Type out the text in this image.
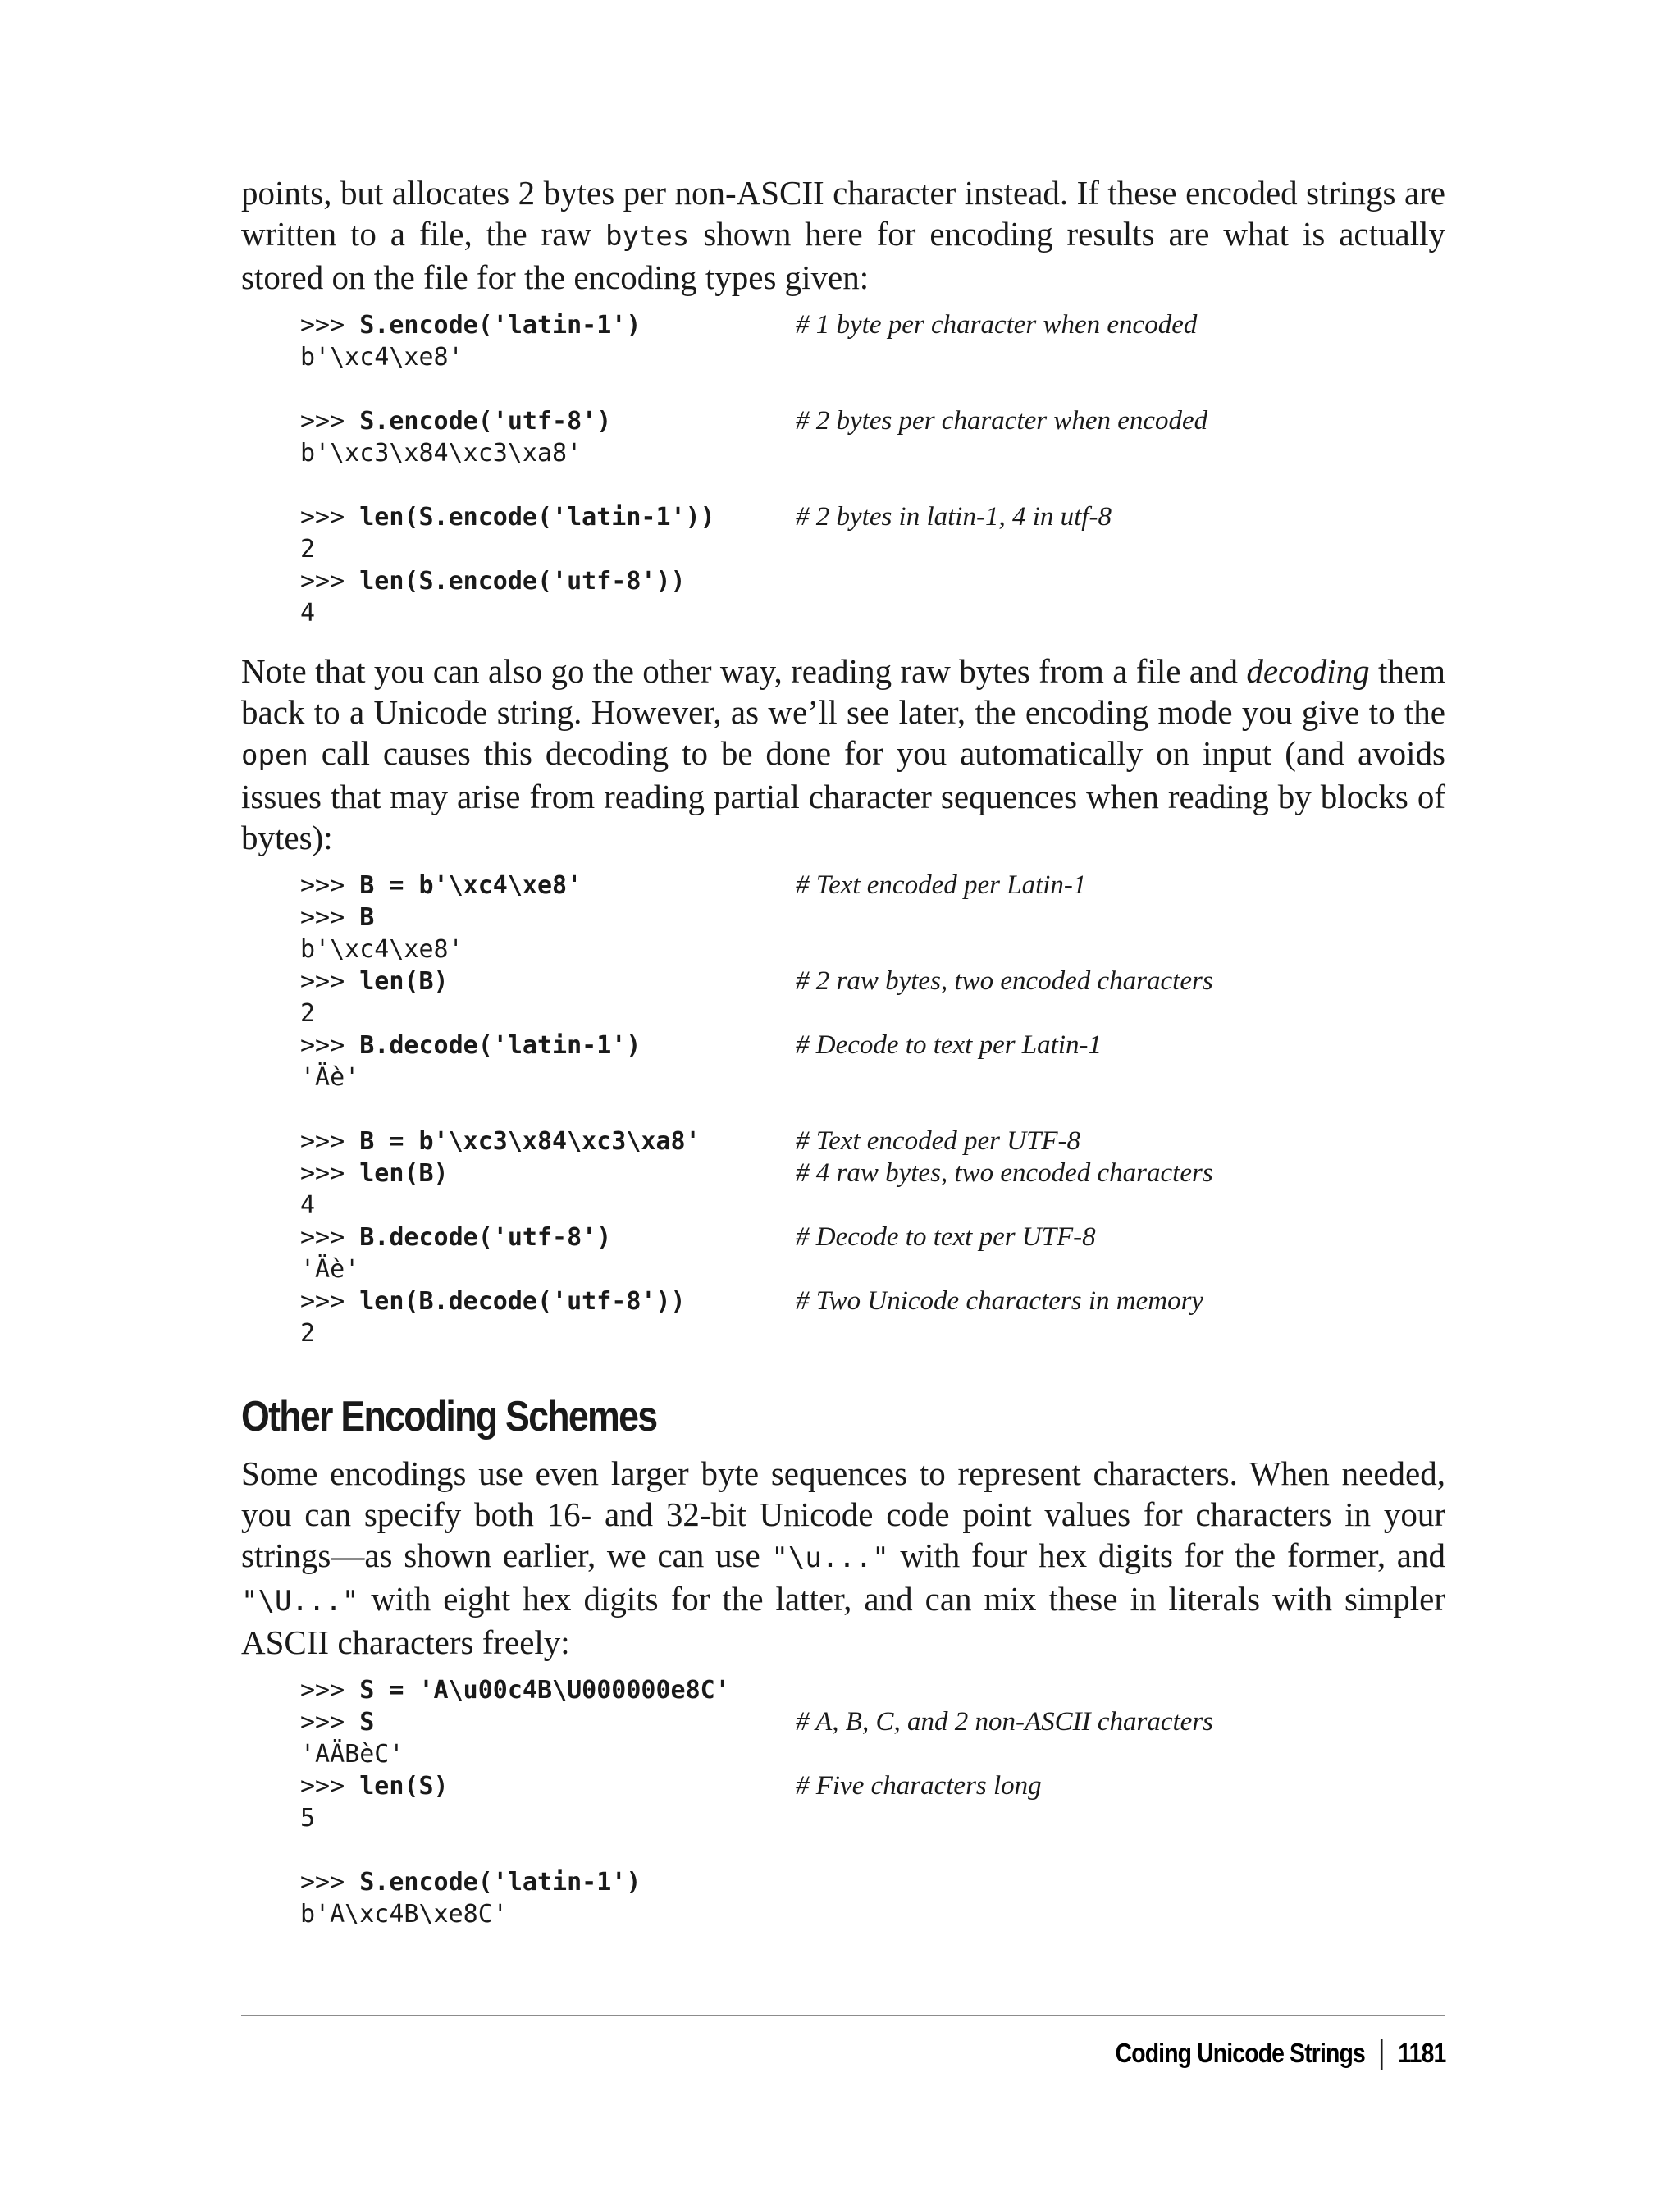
points, but allocates 2 bytes per non-ASCII character instead. If these encoded strings are written to a file, the raw bytes shown here for encoding results are what is actually stored on the file for the encoding types given:

>>> S.encode('latin-1')	# 1 byte per character when encoded
b'\xc4\xe8'
>>> S.encode('utf-8')	# 2 bytes per character when encoded
b'\xc3\x84\xc3\xa8'
>>> len(S.encode('latin-1'))	# 2 bytes in latin-1, 4 in utf-8
2
>>> len(S.encode('utf-8'))
4

Note that you can also go the other way, reading raw bytes from a file and decoding them back to a Unicode string. However, as we’ll see later, the encoding mode you give to the open call causes this decoding to be done for you automatically on input (and avoids issues that may arise from reading partial character sequences when reading by blocks of bytes):

>>> B = b'\xc4\xe8'	# Text encoded per Latin-1
>>> B
b'\xc4\xe8'
>>> len(B)	# 2 raw bytes, two encoded characters
2
>>> B.decode('latin-1')	# Decode to text per Latin-1
'Äè'
>>> B = b'\xc3\x84\xc3\xa8'	# Text encoded per UTF-8
>>> len(B)	# 4 raw bytes, two encoded characters
4
>>> B.decode('utf-8')	# Decode to text per UTF-8
'Äè'
>>> len(B.decode('utf-8'))	# Two Unicode characters in memory
2
Other Encoding Schemes

Some encodings use even larger byte sequences to represent characters. When needed, you can specify both 16- and 32-bit Unicode code point values for characters in your strings—as shown earlier, we can use "\u..." with four hex digits for the former, and "\U..." with eight hex digits for the latter, and can mix these in literals with simpler ASCII characters freely:

>>> S = 'A\u00c4B\U000000e8C'
>>> S	# A, B, C, and 2 non-ASCII characters
'AÄBèC'
>>> len(S)	# Five characters long
5
>>> S.encode('latin-1')
b'A\xc4B\xe8C'
Coding Unicode Strings 1181
